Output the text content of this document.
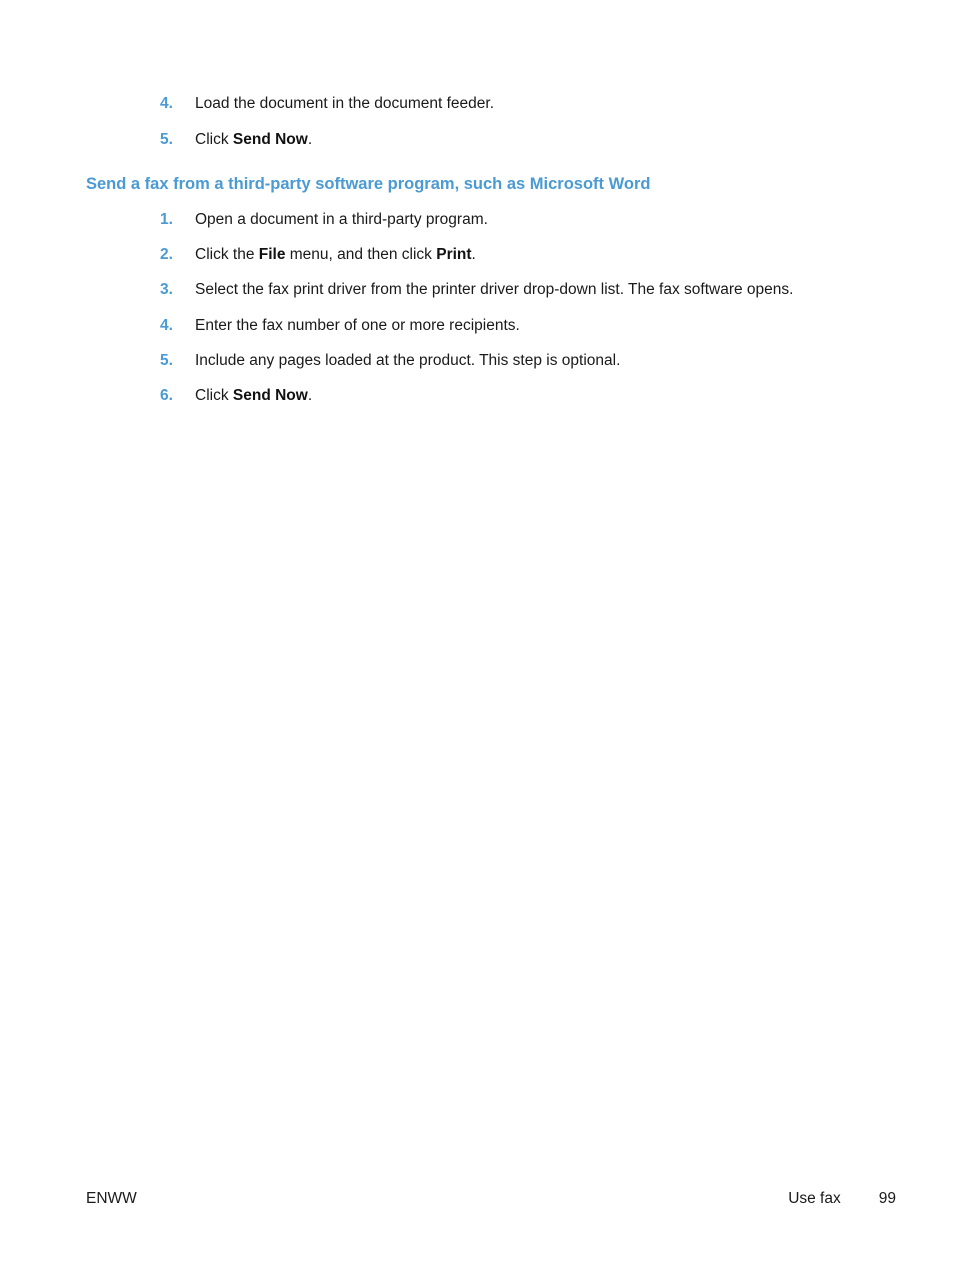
4.	Load the document in the document feeder.
5.	Click Send Now.
Send a fax from a third-party software program, such as Microsoft Word
1.	Open a document in a third-party program.
2.	Click the File menu, and then click Print.
3.	Select the fax print driver from the printer driver drop-down list. The fax software opens.
4.	Enter the fax number of one or more recipients.
5.	Include any pages loaded at the product. This step is optional.
6.	Click Send Now.
ENWW	Use fax 99
